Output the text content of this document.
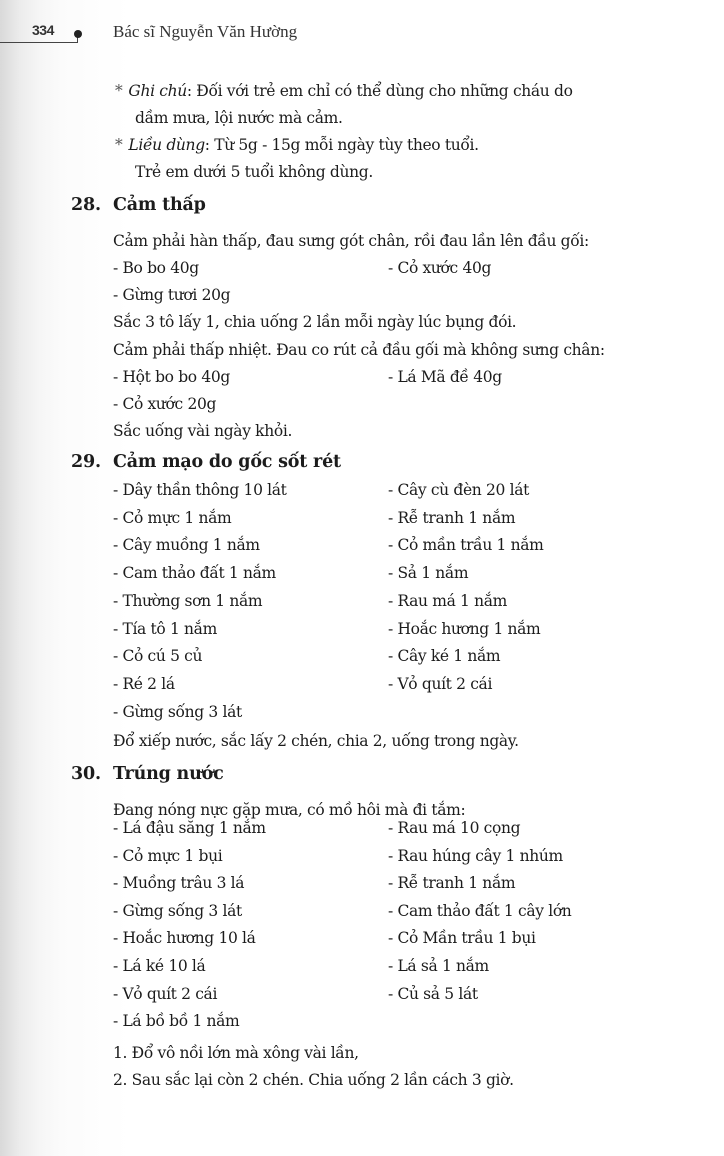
334	Bác sĩ Nguyễn Văn Hường
* Ghi chú: Đối với trẻ em chỉ có thể dùng cho những cháu do
dầm mưa, lội nước mà cảm.
* Liều dùng: Từ 5g - 15g mỗi ngày tùy theo tuổi.
Trẻ em dưới 5 tuổi không dùng.
28. Cảm thấp
Cảm phải hàn thấp, đau sưng gót chân, rồi đau lần lên đầu gối:
- Bo bo 40g	- Cỏ xước 40g
- Gừng tươi 20g
Sắc 3 tô lấy 1, chia uống 2 lần mỗi ngày lúc bụng đói.
Cảm phải thấp nhiệt. Đau co rút cả đầu gối mà không sưng chân:
- Hột bo bo 40g	- Lá Mã đề 40g
- Cỏ xước 20g
Sắc uống vài ngày khỏi.
29. Cảm mạo do gốc sốt rét
- Dây thần thông 10 lát	- Cây cù đèn 20 lát
- Cỏ mực 1 nắm	- Rễ tranh 1 nắm
- Cây muồng 1 nắm	- Cỏ mần trầu 1 nắm
- Cam thảo đất 1 nắm	- Sả 1 nắm
- Thường sơn 1 nắm	- Rau má 1 nắm
- Tía tô 1 nắm	- Hoắc hương 1 nắm
- Cỏ cú 5 củ	- Cây ké 1 nắm
- Ré 2 lá	- Vỏ quít 2 cái
- Gừng sống 3 lát
Đổ xiếp nước, sắc lấy 2 chén, chia 2, uống trong ngày.
30. Trúng nước
Đang nóng nực gặp mưa, có mồ hôi mà đi tắm:
- Lá đậu săng 1 nắm	- Rau má 10 cọng
- Cỏ mực 1 bụi	- Rau húng cây 1 nhúm
- Muồng trâu 3 lá	- Rễ tranh 1 nắm
- Gừng sống 3 lát	- Cam thảo đất 1 cây lớn
- Hoắc hương 10 lá	- Cỏ Mần trầu 1 bụi
- Lá ké 10 lá	- Lá sả 1 nắm
- Vỏ quít 2 cái	- Củ sả 5 lát
- Lá bồ bồ 1 nắm
1. Đổ vô nồi lớn mà xông vài lần,
2. Sau sắc lại còn 2 chén. Chia uống 2 lần cách 3 giờ.
